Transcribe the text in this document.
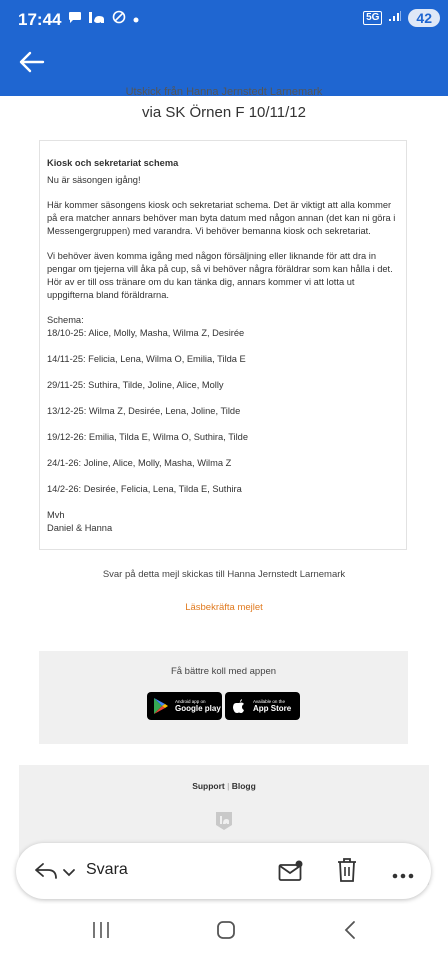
17:44	5G	42
Utskick från Hanna Jernstedt Larnemark
via SK Örnen F 10/11/12
Kiosk och sekretariat schema

Nu är säsongen igång!

Här kommer säsongens kiosk och sekretariat schema. Det är viktigt att alla kommer på era matcher annars behöver man byta datum med någon annan (det kan ni göra i Messengergruppen) med varandra. Vi behöver bemanna kiosk och sekretariat.

Vi behöver även komma igång med någon försäljning eller liknande för att dra in pengar om tjejerna vill åka på cup, så vi behöver några föräldrar som kan hålla i det. Hör av er till oss tränare om du kan tänka dig, annars kommer vi att lotta ut uppgifterna bland föräldrarna.

Schema:
18/10-25: Alice, Molly, Masha, Wilma Z, Desirée
14/11-25: Felicia, Lena, Wilma O, Emilia, Tilda E
29/11-25: Suthira, Tilde, Joline, Alice, Molly
13/12-25: Wilma Z, Desirée, Lena, Joline, Tilde
19/12-26: Emilia, Tilda E, Wilma O, Suthira, Tilde
24/1-26: Joline, Alice, Molly, Masha, Wilma Z
14/2-26: Desirée, Felicia, Lena, Tilda E, Suthira
Mvh
Daniel & Hanna
Svar på detta mejl skickas till Hanna Jernstedt Larnemark
Läsbekräfta mejlet
Få bättre koll med appen
Android app on
Google play
Available on the
App Store
Support | Blogg
Svara
